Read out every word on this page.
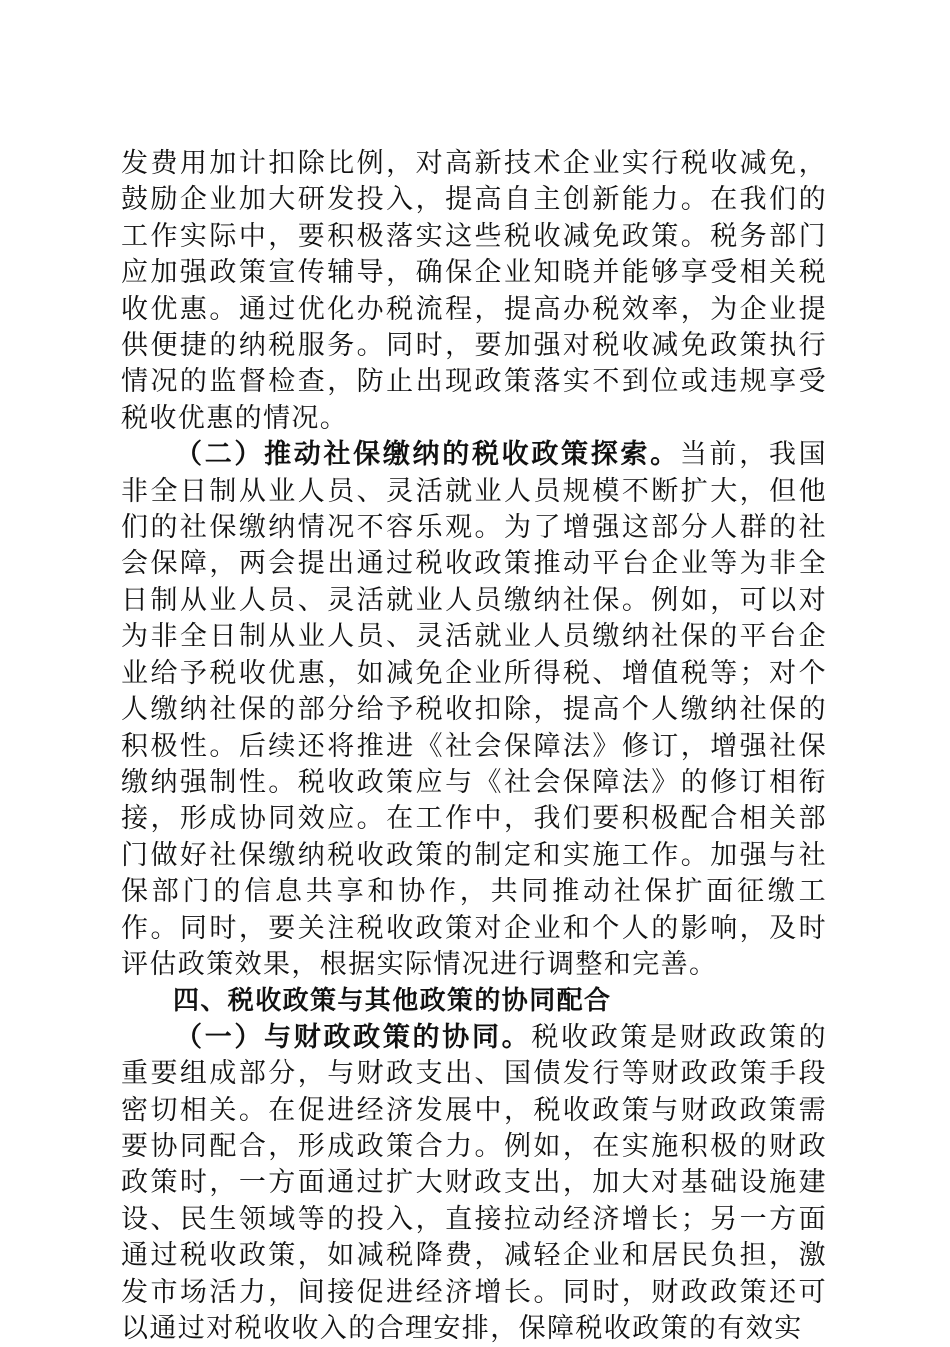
发费用加计扣除比例，对高新技术企业实行税收减免，鼓励企业加大研发投入，提高自主创新能力。在我们的工作实际中，要积极落实这些税收减免政策。税务部门应加强政策宣传辅导，确保企业知晓并能够享受相关税收优惠。通过优化办税流程，提高办税效率，为企业提供便捷的纳税服务。同时，要加强对税收减免政策执行情况的监督检查，防止出现政策落实不到位或违规享受税收优惠的情况。

（二）推动社保缴纳的税收政策探索。当前，我国非全日制从业人员、灵活就业人员规模不断扩大，但他们的社保缴纳情况不容乐观。为了增强这部分人群的社会保障，两会提出通过税收政策推动平台企业等为非全日制从业人员、灵活就业人员缴纳社保。例如，可以对为非全日制从业人员、灵活就业人员缴纳社保的平台企业给予税收优惠，如减免企业所得税、增值税等；对个人缴纳社保的部分给予税收扣除，提高个人缴纳社保的积极性。后续还将推进《社会保障法》修订，增强社保缴纳强制性。税收政策应与《社会保障法》的修订相衔接，形成协同效应。在工作中，我们要积极配合相关部门做好社保缴纳税收政策的制定和实施工作。加强与社保部门的信息共享和协作，共同推动社保扩面征缴工作。同时，要关注税收政策对企业和个人的影响，及时评估政策效果，根据实际情况进行调整和完善。

四、税收政策与其他政策的协同配合

（一）与财政政策的协同。税收政策是财政政策的重要组成部分，与财政支出、国债发行等财政政策手段密切相关。在促进经济发展中，税收政策与财政政策需要协同配合，形成政策合力。例如，在实施积极的财政政策时，一方面通过扩大财政支出，加大对基础设施建设、民生领域等的投入，直接拉动经济增长；另一方面通过税收政策，如减税降费，减轻企业和居民负担，激发市场活力，间接促进经济增长。同时，财政政策还可以通过对税收收入的合理安排，保障税收政策的有效实
